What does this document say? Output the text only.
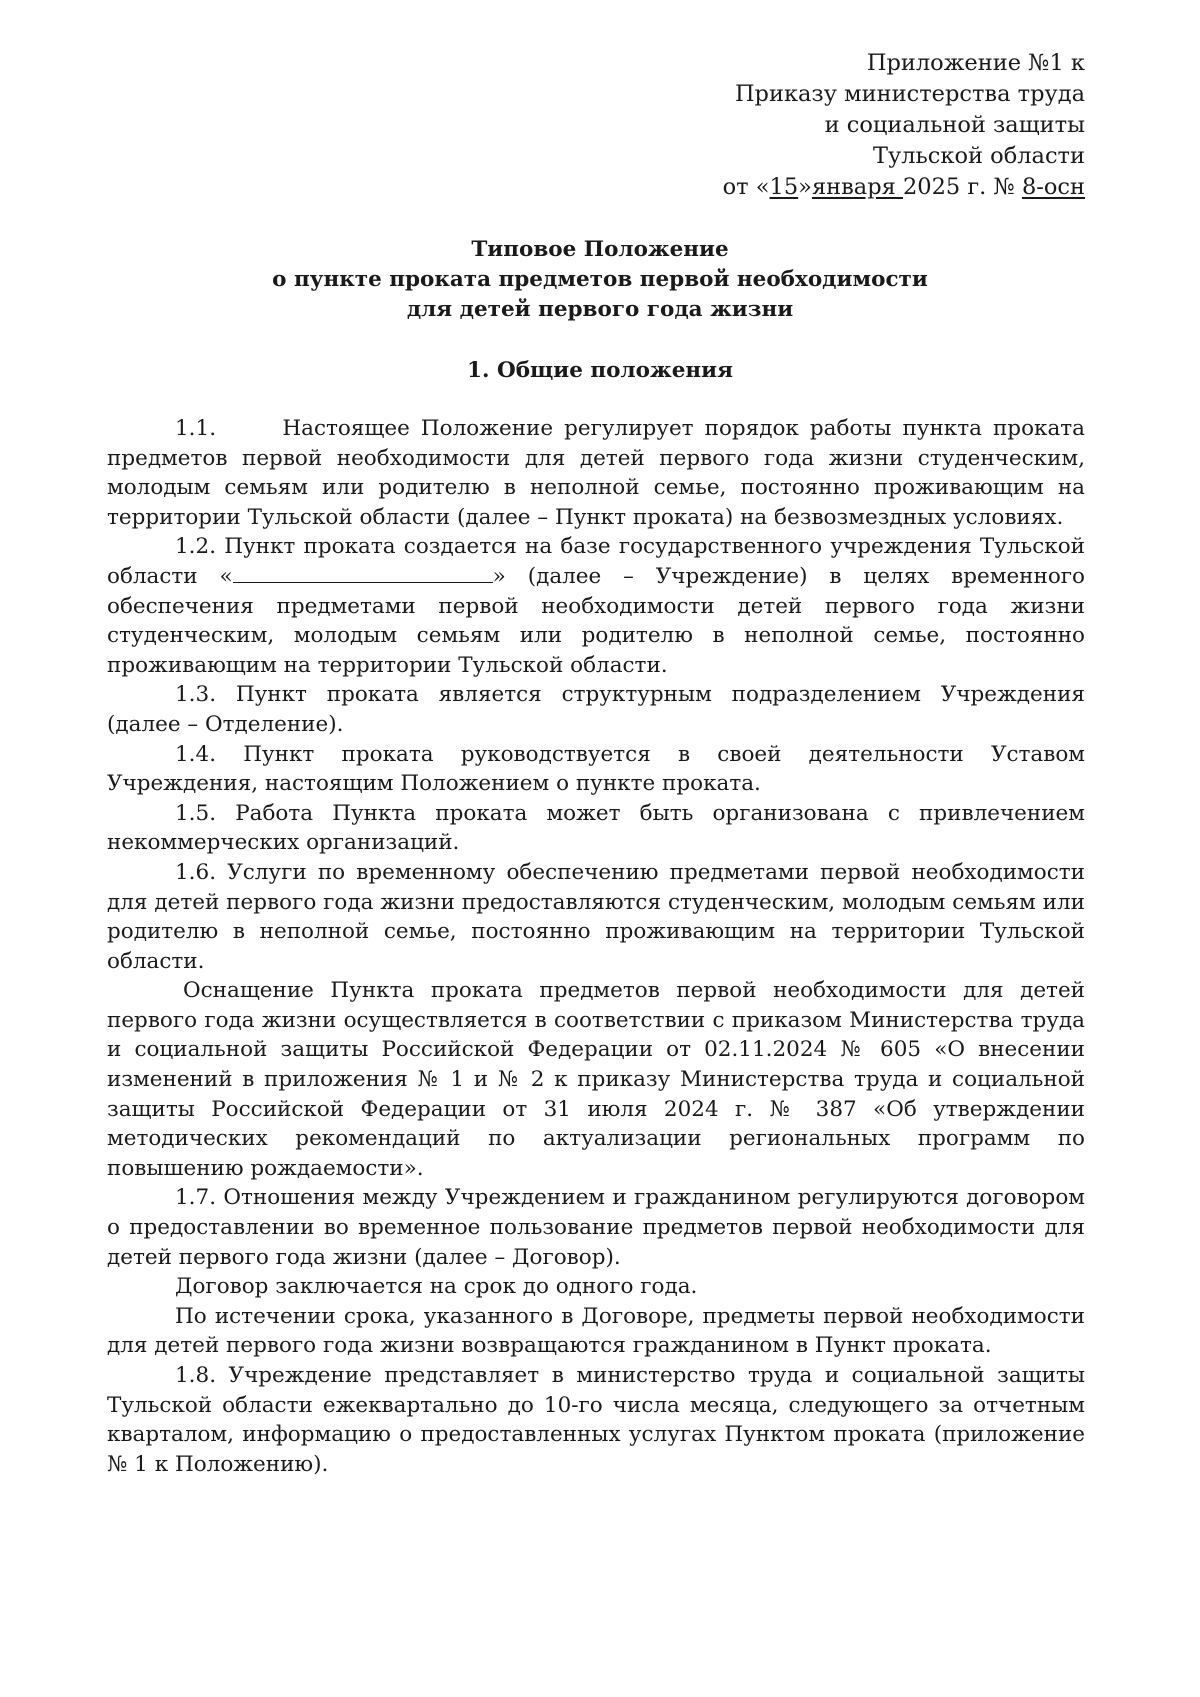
Приложение №1 к
Приказу министерства труда
и социальной защиты
Тульской области
от «15»января 2025 г. № 8-осн
Типовое Положение
о пункте проката предметов первой необходимости
для детей первого года жизни
1. Общие положения

1.1.	Настоящее Положение регулирует порядок работы пункта проката предметов первой необходимости для детей первого года жизни студенческим, молодым семьям или родителю в неполной семье, постоянно проживающим на территории Тульской области (далее – Пункт проката) на безвозмездных условиях.

1.2. Пункт проката создается на базе государственного учреждения Тульской области «	» (далее – Учреждение) в целях временного обеспечения предметами первой необходимости детей первого года жизни студенческим, молодым семьям или родителю в неполной семье, постоянно проживающим на территории Тульской области.

1.3. Пункт проката является структурным подразделением Учреждения (далее – Отделение).

1.4. Пункт проката руководствуется в своей деятельности Уставом Учреждения, настоящим Положением о пункте проката.

1.5. Работа Пункта проката может быть организована с привлечением некоммерческих организаций.

1.6. Услуги по временному обеспечению предметами первой необходимости для детей первого года жизни предоставляются студенческим, молодым семьям или родителю в неполной семье, постоянно проживающим на территории Тульской области.

Оснащение Пункта проката предметов первой необходимости для детей первого года жизни осуществляется в соответствии с приказом Министерства труда и социальной защиты Российской Федерации от 02.11.2024 № 605 «О внесении изменений в приложения № 1 и № 2 к приказу Министерства труда и социальной защиты Российской Федерации от 31 июля 2024 г. № 387 «Об утверждении методических рекомендаций по актуализации региональных программ по повышению рождаемости».

1.7. Отношения между Учреждением и гражданином регулируются договором о предоставлении во временное пользование предметов первой необходимости для детей первого года жизни (далее – Договор).

Договор заключается на срок до одного года.

По истечении срока, указанного в Договоре, предметы первой необходимости для детей первого года жизни возвращаются гражданином в Пункт проката.

1.8. Учреждение представляет в министерство труда и социальной защиты Тульской области ежеквартально до 10-го числа месяца, следующего за отчетным кварталом, информацию о предоставленных услугах Пунктом проката (приложение № 1 к Положению).
